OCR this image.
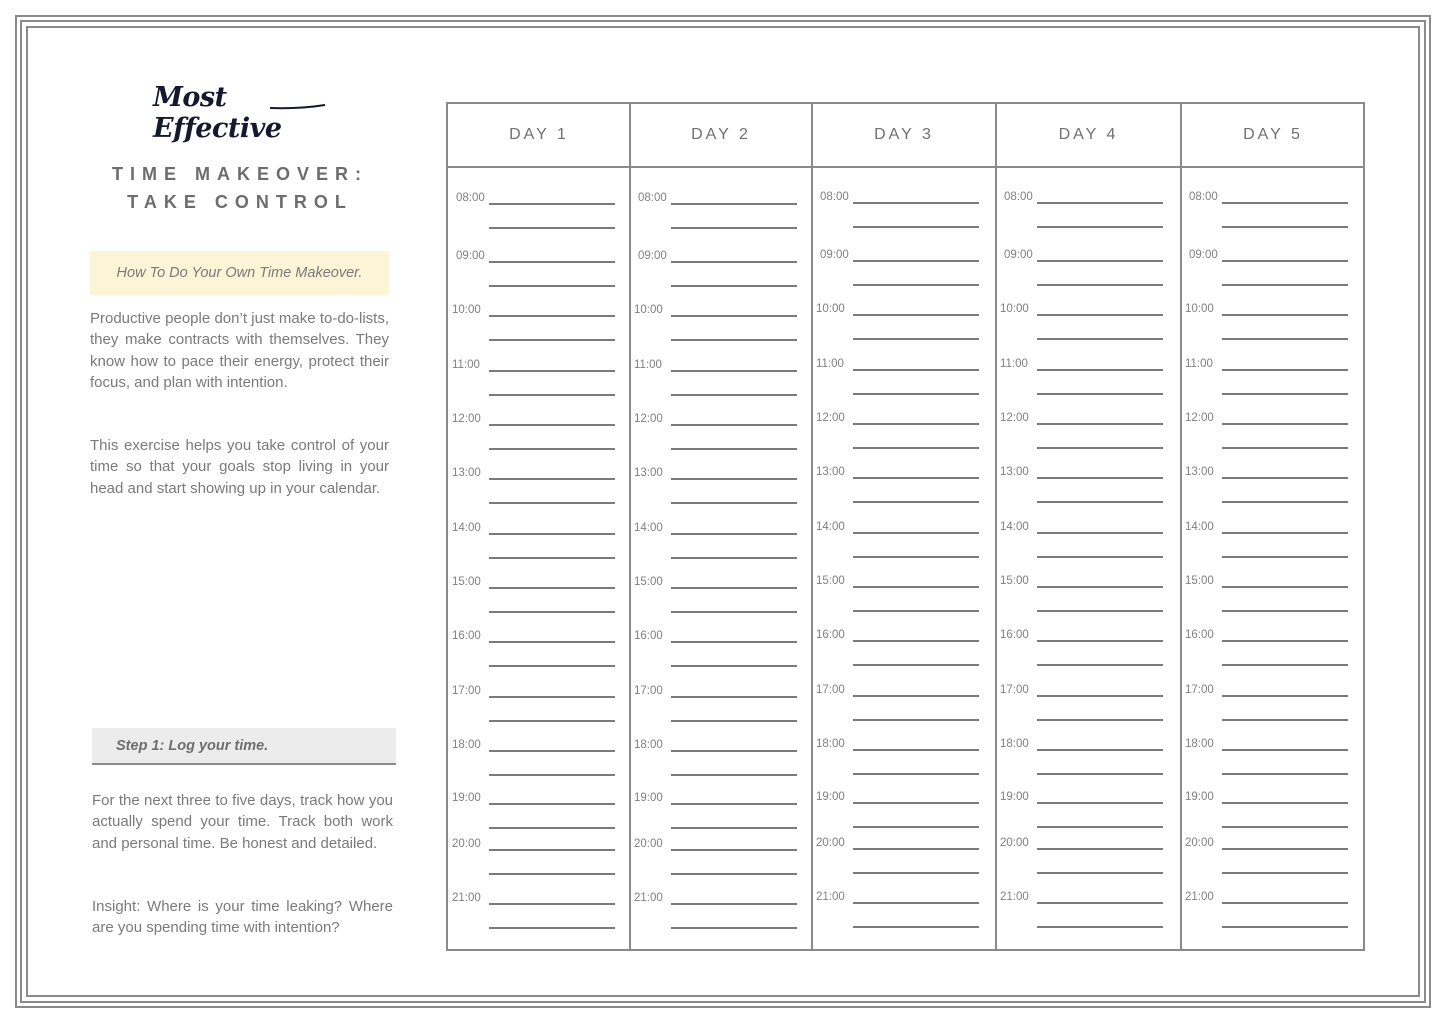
Most Effective
TIME MAKEOVER:
TAKE CONTROL
How To Do Your Own Time Makeover.
Productive people don’t just make to-do-lists, they make contracts with themselves. They know how to pace their energy, protect their focus, and plan with intention.
This exercise helps you take control of your time so that your goals stop living in your head and start showing up in your calendar.
Step 1: Log your time.
For the next three to five days, track how you actually spend your time. Track both work and personal time. Be honest and detailed.
Insight: Where is your time leaking? Where are you spending time with intention?
DAY 1
08:00
09:00
10:00
11:00
12:00
13:00
14:00
15:00
16:00
17:00
18:00
19:00
20:00
21:00
DAY 2
08:00
09:00
10:00
11:00
12:00
13:00
14:00
15:00
16:00
17:00
18:00
19:00
20:00
21:00
DAY 3
08:00
09:00
10:00
11:00
12:00
13:00
14:00
15:00
16:00
17:00
18:00
19:00
20:00
21:00
DAY 4
08:00
09:00
10:00
11:00
12:00
13:00
14:00
15:00
16:00
17:00
18:00
19:00
20:00
21:00
DAY 5
08:00
09:00
10:00
11:00
12:00
13:00
14:00
15:00
16:00
17:00
18:00
19:00
20:00
21:00
